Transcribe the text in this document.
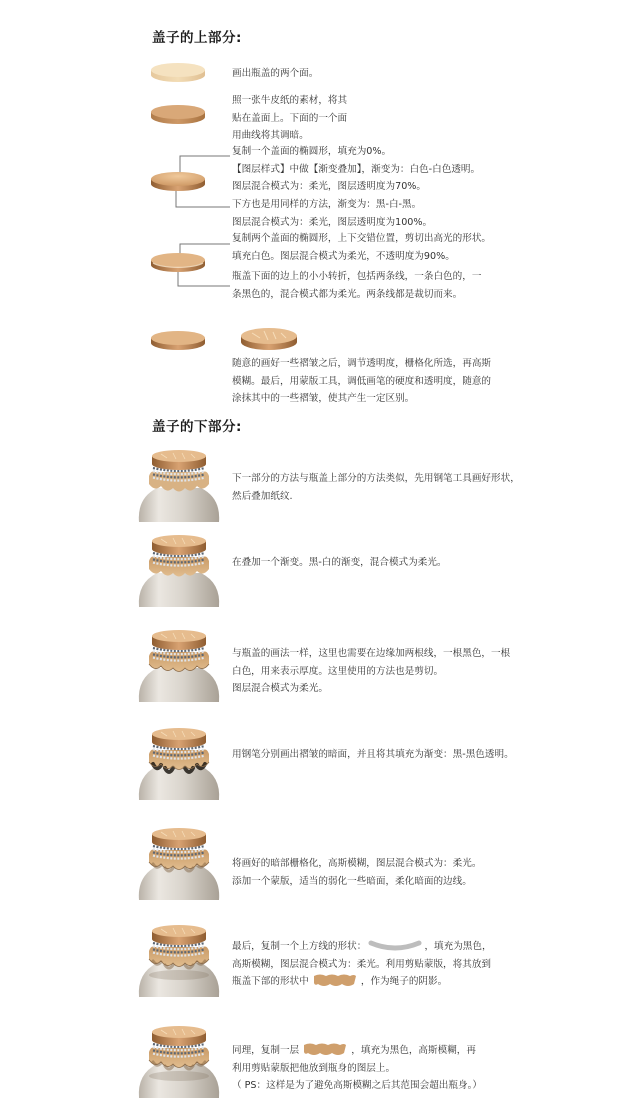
盖子的上部分:
画出瓶盖的两个面。
照一张牛皮纸的素材，将其
贴在盖面上。下面的一个面
用曲线将其调暗。
复制一个盖面的椭圆形，填充为0%。
【图层样式】中做【渐变叠加】，渐变为：白色-白色透明。
图层混合模式为：柔光，图层透明度为70%。
下方也是用同样的方法，渐变为：黑-白-黑。
图层混合模式为：柔光，图层透明度为100%。
复制两个盖面的椭圆形，上下交错位置，剪切出高光的形状。
填充白色。图层混合模式为柔光，不透明度为90%。
瓶盖下面的边上的小小转折，包括两条线，一条白色的，一
条黑色的，混合模式都为柔光。两条线都是裁切而来。
随意的画好一些褶皱之后，调节透明度，栅格化所选，再高斯
模糊。最后，用蒙版工具，调低画笔的硬度和透明度，随意的
涂抹其中的一些褶皱，使其产生一定区别。
盖子的下部分:
下一部分的方法与瓶盖上部分的方法类似，先用钢笔工具画好形状，
然后叠加纸纹.
在叠加一个渐变。黑-白的渐变，混合模式为柔光。
与瓶盖的画法一样，这里也需要在边缘加两根线，一根黑色，一根
白色，用来表示厚度。这里使用的方法也是剪切。
图层混合模式为柔光。
用钢笔分别画出褶皱的暗面，并且将其填充为渐变：黑-黑色透明。
将画好的暗部栅格化，高斯模糊，图层混合模式为：柔光。
添加一个蒙版，适当的弱化一些暗面，柔化暗面的边线。
最后，复制一个上方线的形状：	，填充为黑色，
高斯模糊，图层混合模式为：柔光。利用剪贴蒙版，将其放到
瓶盖下部的形状中	，作为绳子的阴影。
同理，复制一层	，填充为黑色，高斯模糊，再
利用剪贴蒙版把他放到瓶身的图层上。
（ PS：这样是为了避免高斯模糊之后其范围会超出瓶身。）
